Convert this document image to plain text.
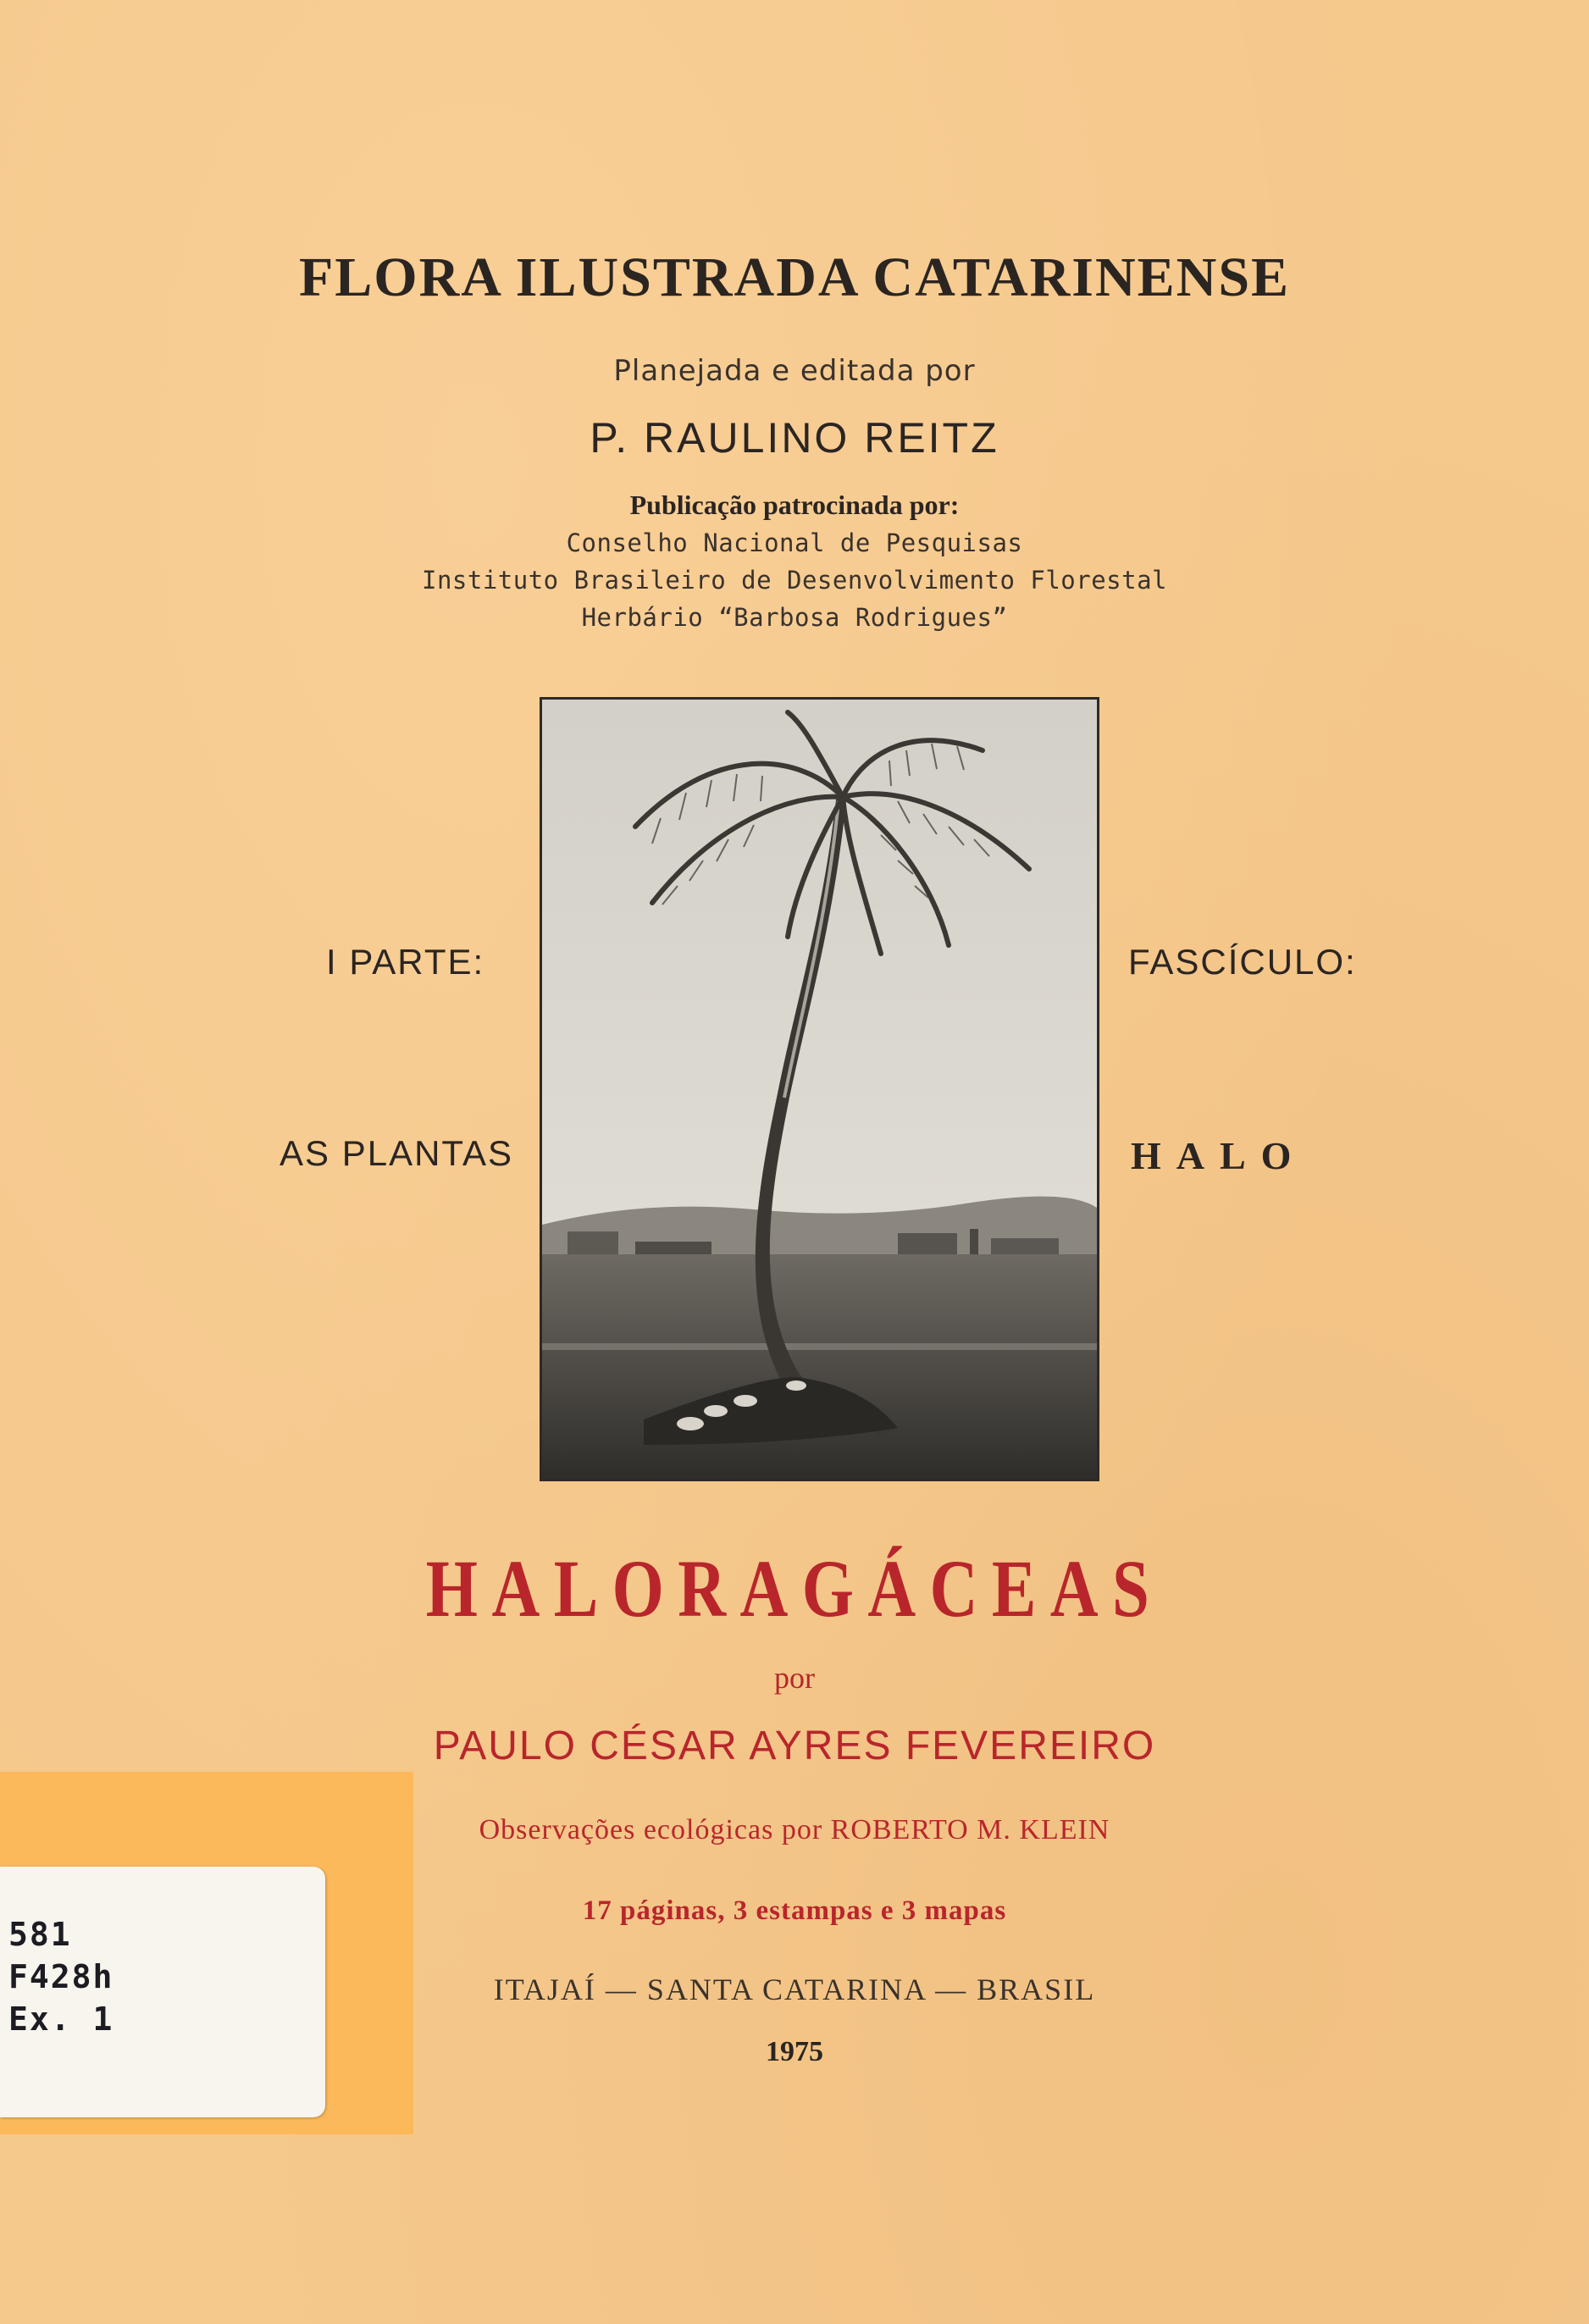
FLORA ILUSTRADA CATARINENSE
Planejada e editada por
P. RAULINO REITZ
Publicação patrocinada por:
Conselho Nacional de Pesquisas
Instituto Brasileiro de Desenvolvimento Florestal
Herbário “Barbosa Rodrigues”
I PARTE:
AS PLANTAS
FASCÍCULO:
HALO
HALORAGÁCEAS
por
PAULO CÉSAR AYRES FEVEREIRO
Observações ecológicas por ROBERTO M. KLEIN
17 páginas, 3 estampas e 3 mapas
ITAJAÍ — SANTA CATARINA — BRASIL
1975
581
F428h
Ex. 1
